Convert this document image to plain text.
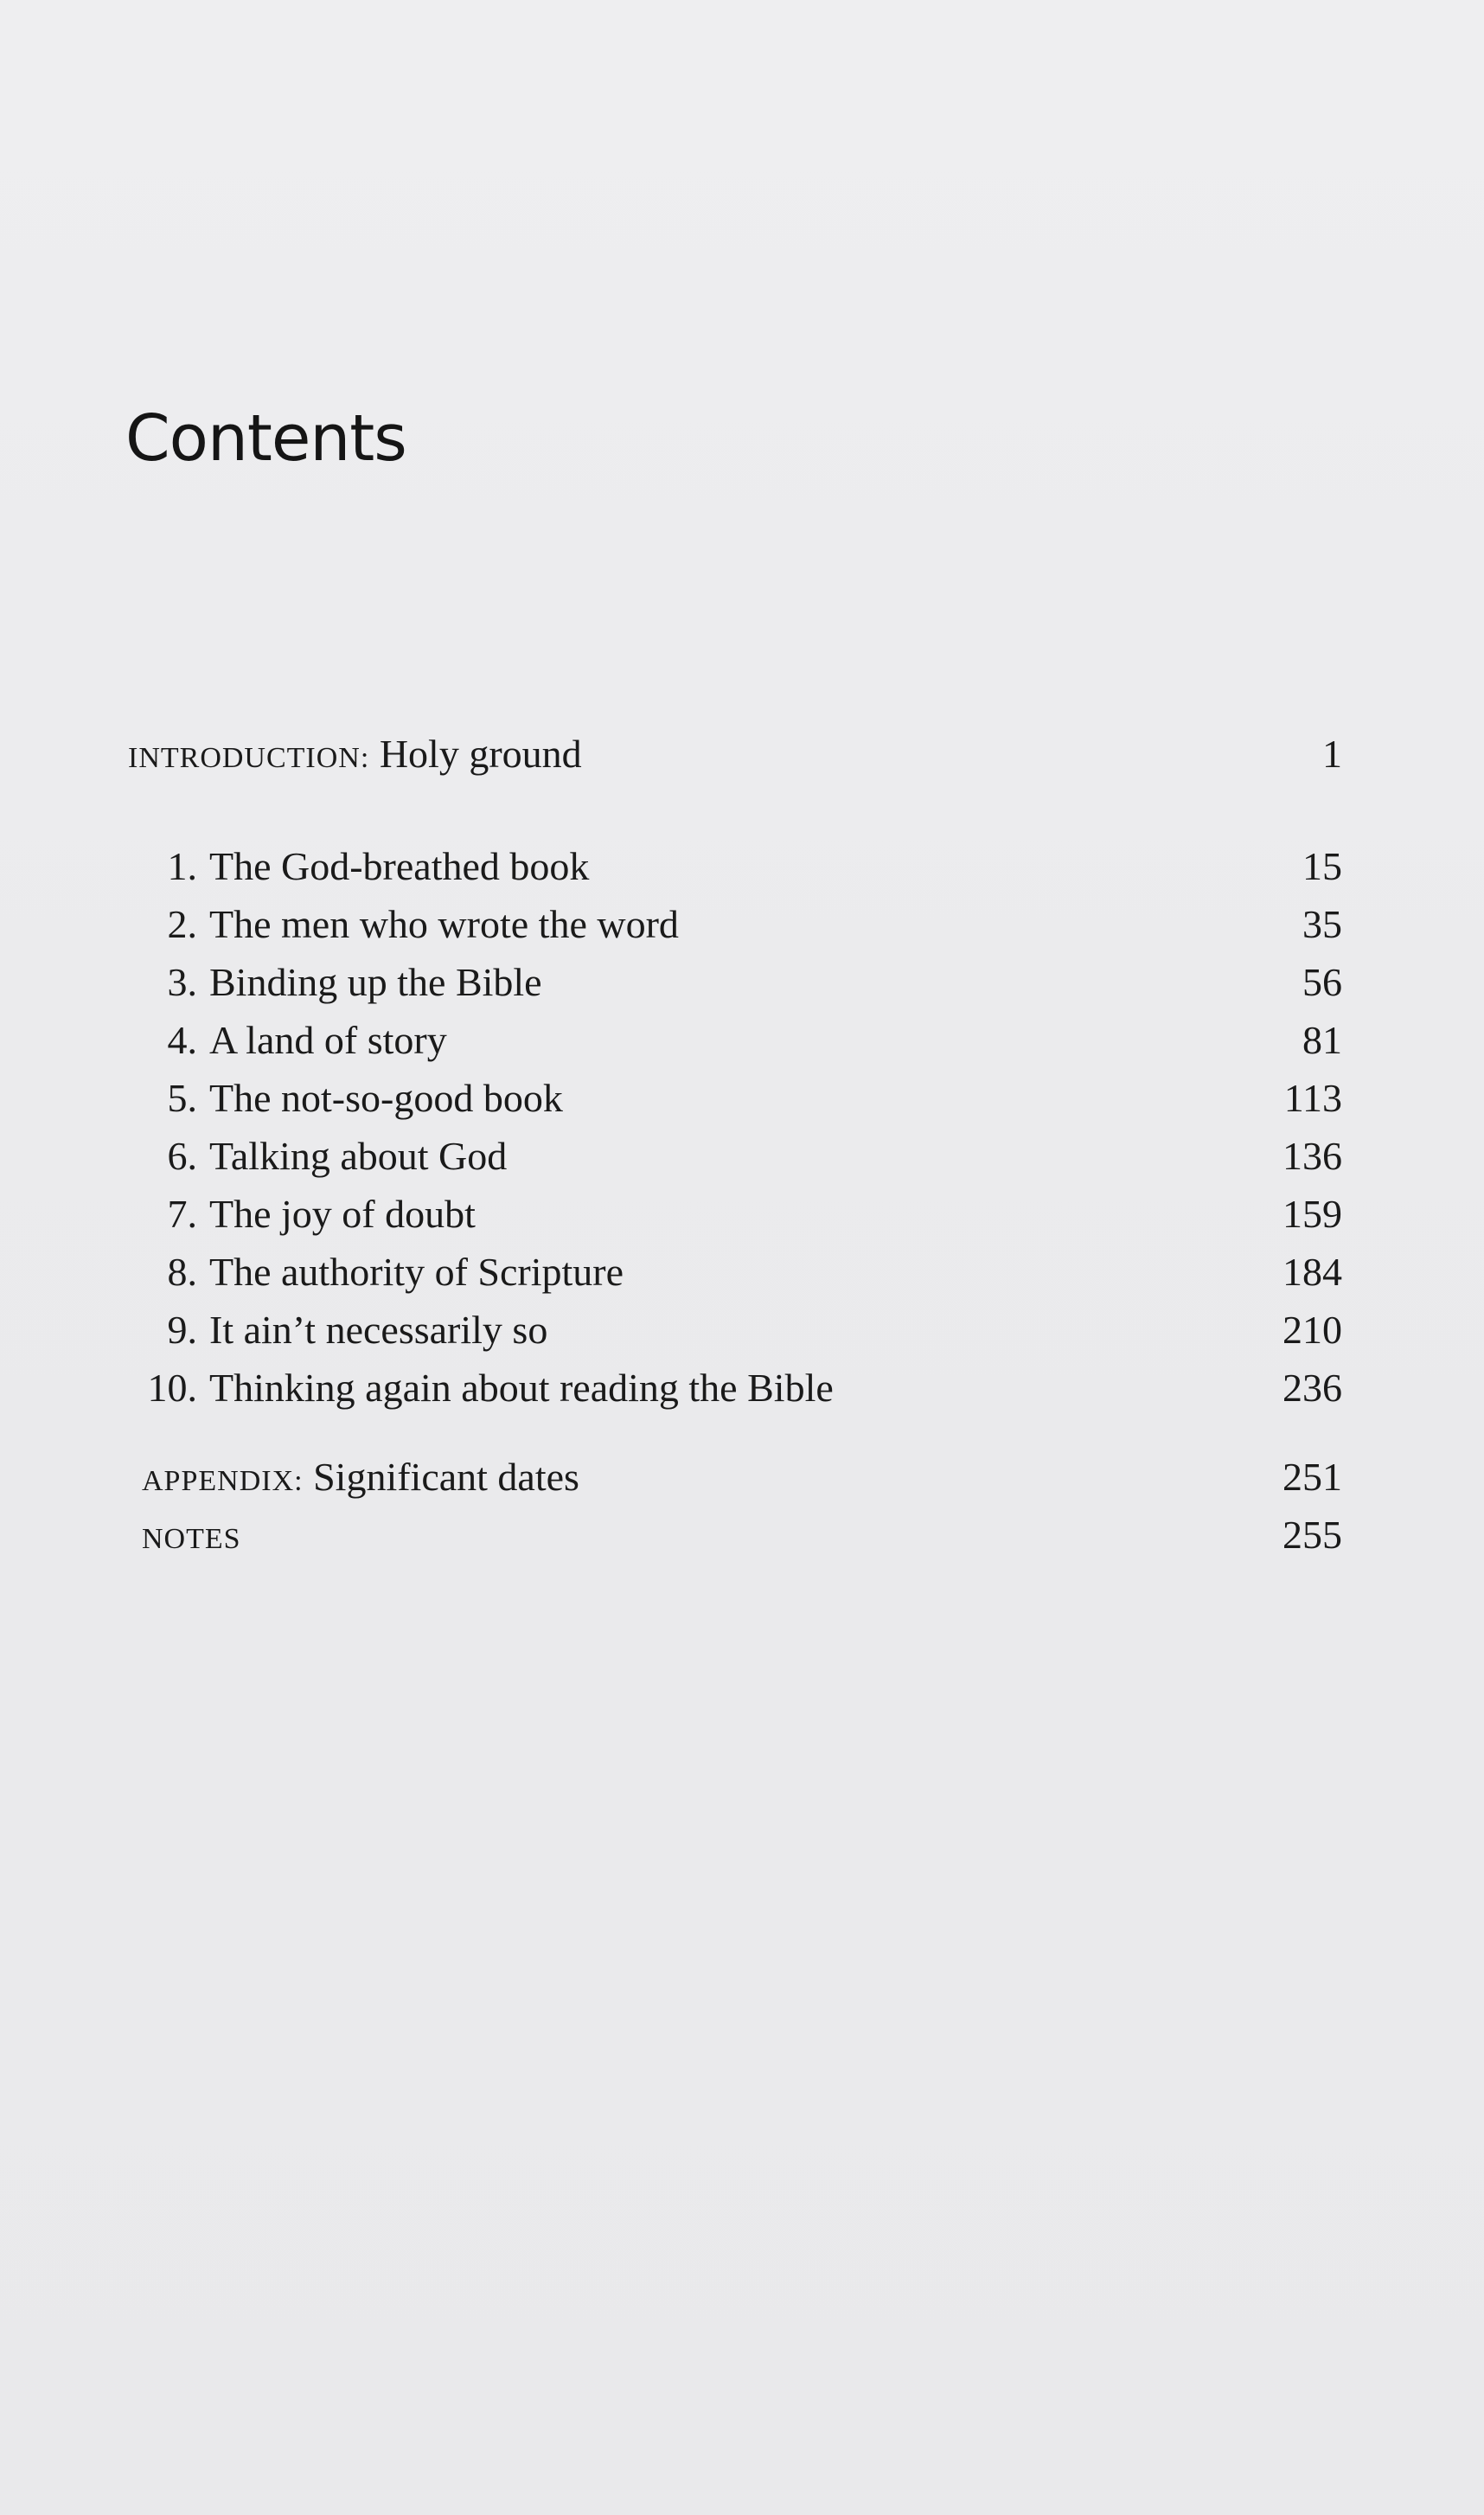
Contents
INTRODUCTION: Holy ground	1
1. The God-breathed book	15
2. The men who wrote the word	35
3. Binding up the Bible	56
4. A land of story	81
5. The not-so-good book	113
6. Talking about God	136
7. The joy of doubt	159
8. The authority of Scripture	184
9. It ain’t necessarily so	210
10. Thinking again about reading the Bible	236
APPENDIX: Significant dates	251
NOTES	255
